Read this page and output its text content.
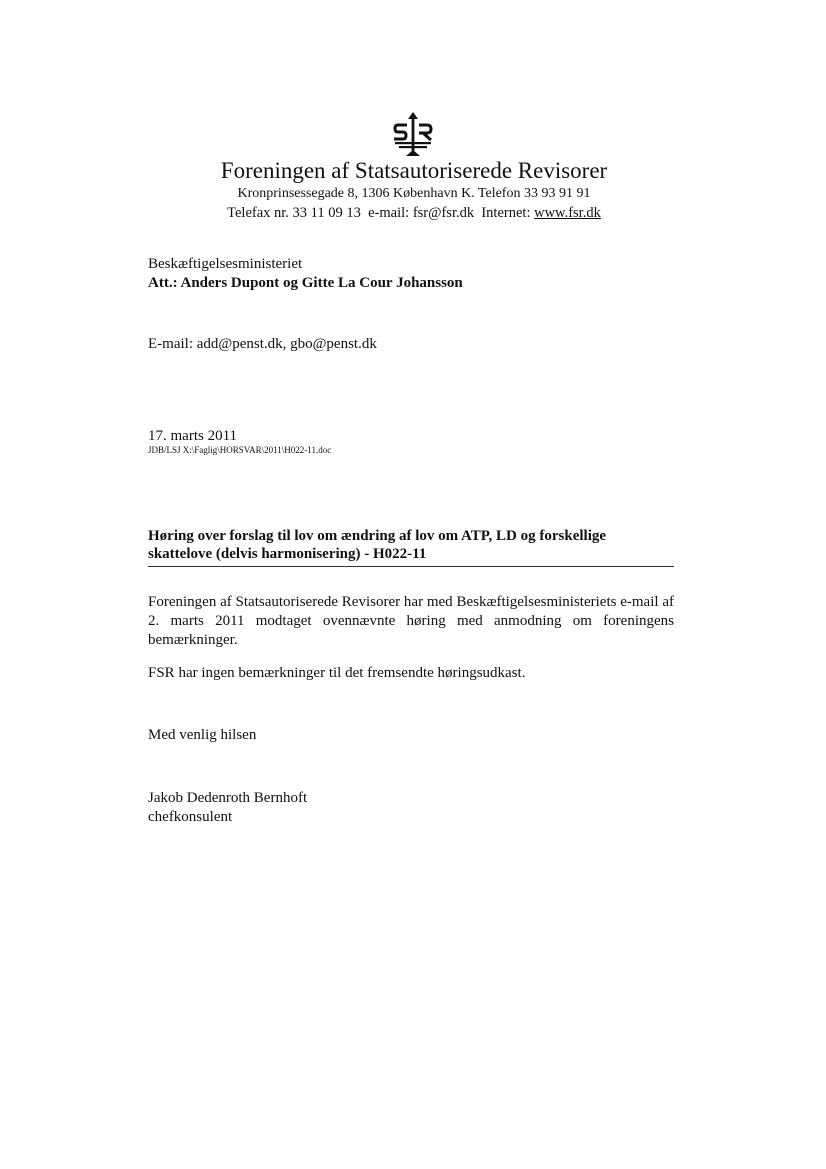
Foreningen af Statsautoriserede Revisorer
Kronprinsessegade 8, 1306 København K. Telefon 33 93 91 91
Telefax nr. 33 11 09 13  e-mail: fsr@fsr.dk  Internet: www.fsr.dk
Beskæftigelsesministeriet
Att.: Anders Dupont og Gitte La Cour Johansson
E-mail: add@penst.dk, gbo@penst.dk
17. marts 2011
JDB/LSJ X:\Faglig\HORSVAR\2011\H022-11.doc
Høring over forslag til lov om ændring af lov om ATP, LD og forskellige
skattelove (delvis harmonisering) - H022-11
Foreningen af Statsautoriserede Revisorer har med Beskæftigelsesministeriets e-mail af 2. marts 2011 modtaget ovennævnte høring med anmodning om foreningens bemærkninger.
FSR har ingen bemærkninger til det fremsendte høringsudkast.
Med venlig hilsen
Jakob Dedenroth Bernhoft
chefkonsulent
